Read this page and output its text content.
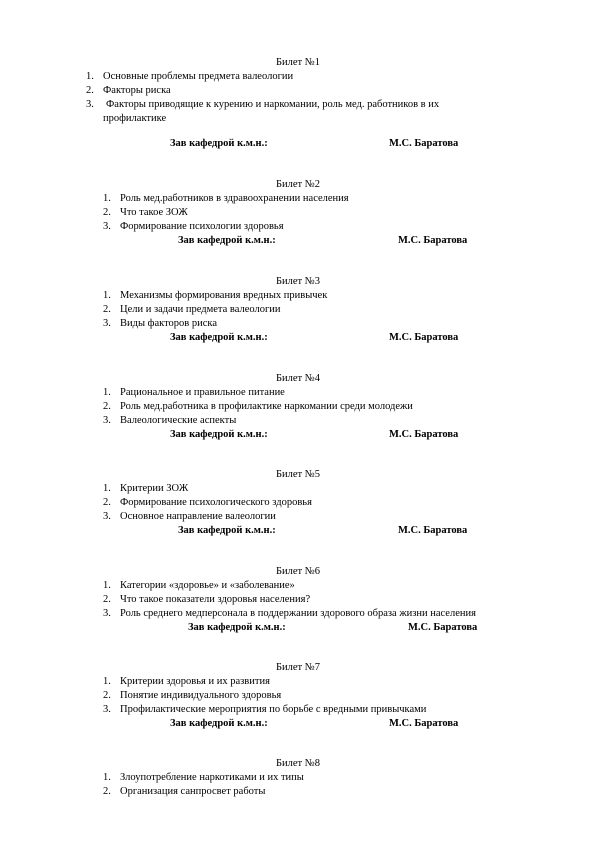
Билет №1
1. Основные проблемы предмета валеологии
2. Факторы риска
3. Факторы приводящие к курению и наркомании, роль мед. работников в их
профилактике
Зав кафедрой к.м.н.:	М.С. Баратова
Билет №2
1. Роль мед.работников в здравоохранении населения
2. Что такое ЗОЖ
3. Формирование психологии здоровья
Зав кафедрой к.м.н.:	М.С. Баратова
Билет №3
1. Механизмы формирования вредных привычек
2. Цели и задачи предмета валеологии
3. Виды факторов риска
Зав кафедрой к.м.н.:	М.С. Баратова
Билет №4
1. Рациональное и правильное питание
2. Роль мед.работника в профилактике наркомании среди молодежи
3. Валеологические аспекты
Зав кафедрой к.м.н.:	М.С. Баратова
Билет №5
1. Критерии ЗОЖ
2. Формирование психологического здоровья
3. Основное направление валеологии
Зав кафедрой к.м.н.:	М.С. Баратова
Билет №6
1. Категории «здоровье» и «заболевание»
2. Что такое показатели здоровья населения?
3. Роль среднего медперсонала в поддержании здорового образа жизни населения
Зав кафедрой к.м.н.:	М.С. Баратова
Билет №7
1. Критерии здоровья и их развития
2. Понятие индивидуального здоровья
3. Профилактические мероприятия по борьбе с вредными привычками
Зав кафедрой к.м.н.:	М.С. Баратова
Билет №8
1. Злоупотребление наркотиками и их типы
2. Организация санпросвет работы
